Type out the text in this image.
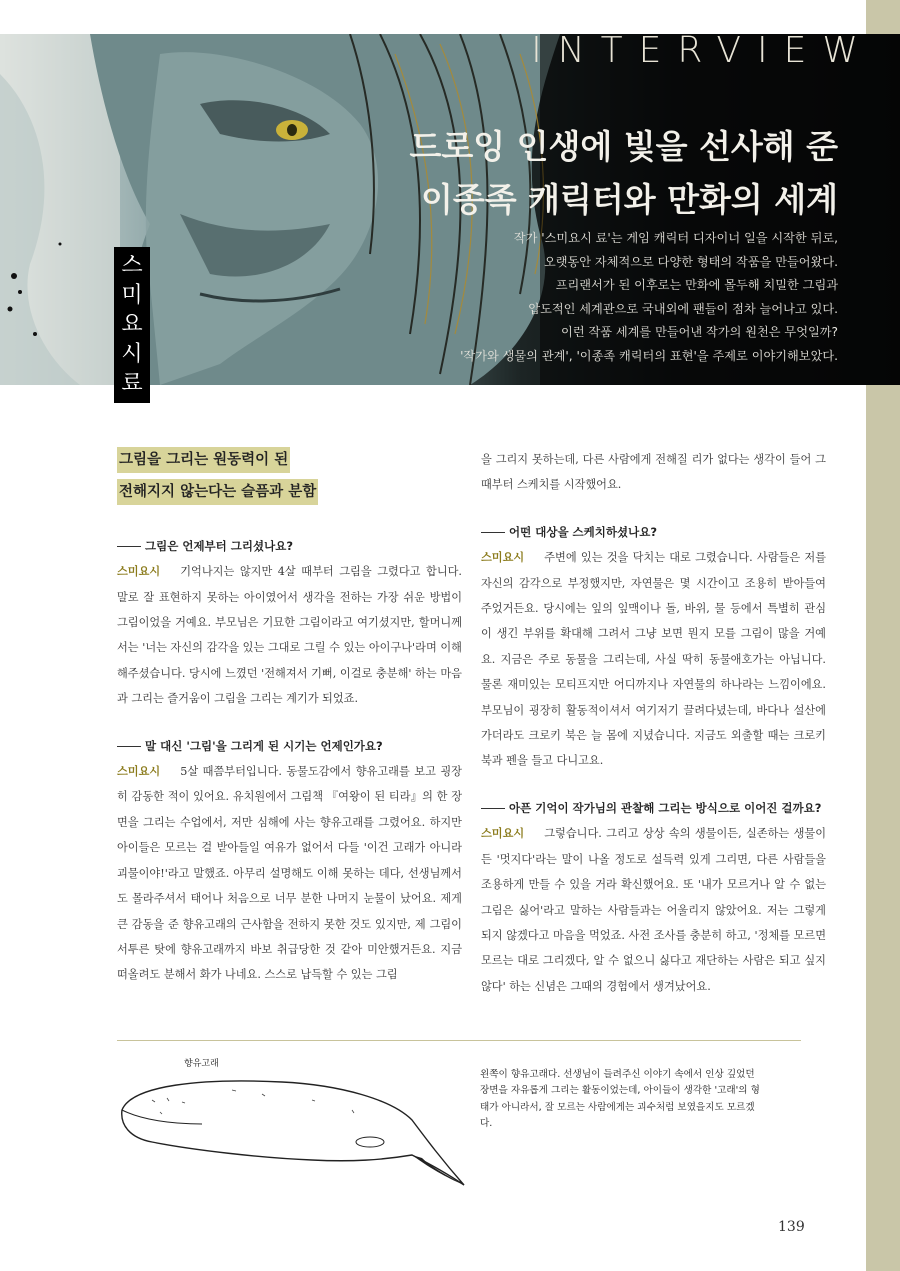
INTERVIEW
드로잉 인생에 빛을 선사해 준
이종족 캐릭터와 만화의 세계
작가 '스미요시 료'는 게임 캐릭터 디자이너 일을 시작한 뒤로,
오랫동안 자체적으로 다양한 형태의 작품을 만들어왔다.
프리랜서가 된 이후로는 만화에 몰두해 치밀한 그림과
압도적인 세계관으로 국내외에 팬들이 점차 늘어나고 있다.
이런 작품 세계를 만들어낸 작가의 원천은 무엇일까?
'작가와 생물의 관계', '이종족 캐릭터의 표현'을 주제로 이야기해보았다.
스
미
요
시
료
그림을 그리는 원동력이 된
전해지지 않는다는 슬픔과 분함

그림은 언제부터 그리셨나요?

스미요시 기억나지는 않지만 4살 때부터 그림을 그렸다고 합니다. 말로 잘 표현하지 못하는 아이였어서 생각을 전하는 가장 쉬운 방법이 그림이었을 거예요. 부모님은 기묘한 그림이라고 여기셨지만, 할머니께서는 '너는 자신의 감각을 있는 그대로 그릴 수 있는 아이구나'라며 이해해주셨습니다. 당시에 느꼈던 '전해져서 기뻐, 이걸로 충분해' 하는 마음과 그리는 즐거움이 그림을 그리는 계기가 되었죠.

말 대신 '그림'을 그리게 된 시기는 언제인가요?

스미요시 5살 때쯤부터입니다. 동물도감에서 향유고래를 보고 굉장히 감동한 적이 있어요. 유치원에서 그림책 『여왕이 된 티라』의 한 장면을 그리는 수업에서, 저만 심해에 사는 향유고래를 그렸어요. 하지만 아이들은 모르는 걸 받아들일 여유가 없어서 다들 '이건 고래가 아니라 괴물이야!'라고 말했죠. 아무리 설명해도 이해 못하는 데다, 선생님께서도 몰라주셔서 태어나 처음으로 너무 분한 나머지 눈물이 났어요. 제게 큰 감동을 준 향유고래의 근사함을 전하지 못한 것도 있지만, 제 그림이 서투른 탓에 향유고래까지 바보 취급당한 것 같아 미안했거든요. 지금 떠올려도 분해서 화가 나네요. 스스로 납득할 수 있는 그림

을 그리지 못하는데, 다른 사람에게 전해질 리가 없다는 생각이 들어 그때부터 스케치를 시작했어요.

어떤 대상을 스케치하셨나요?

스미요시 주변에 있는 것을 닥치는 대로 그렸습니다. 사람들은 저를 자신의 감각으로 부정했지만, 자연물은 몇 시간이고 조용히 받아들여 주었거든요. 당시에는 잎의 잎맥이나 돌, 바위, 물 등에서 특별히 관심이 생긴 부위를 확대해 그려서 그냥 보면 뭔지 모를 그림이 많을 거예요. 지금은 주로 동물을 그리는데, 사실 딱히 동물애호가는 아닙니다. 물론 재미있는 모티프지만 어디까지나 자연물의 하나라는 느낌이에요. 부모님이 굉장히 활동적이셔서 여기저기 끌려다녔는데, 바다나 설산에 가더라도 크로키 북은 늘 몸에 지녔습니다. 지금도 외출할 때는 크로키북과 펜을 들고 다니고요.

아픈 기억이 작가님의 관찰해 그리는 방식으로 이어진 걸까요?

스미요시 그렇습니다. 그리고 상상 속의 생물이든, 실존하는 생물이든 '멋지다'라는 말이 나올 정도로 설득력 있게 그리면, 다른 사람들을 조용하게 만들 수 있을 거라 확신했어요. 또 '내가 모르거나 알 수 없는 그림은 싫어'라고 말하는 사람들과는 어울리지 않았어요. 저는 그렇게 되지 않겠다고 마음을 먹었죠. 사전 조사를 충분히 하고, '정체를 모르면 모르는 대로 그리겠다, 알 수 없으니 싫다고 재단하는 사람은 되고 싶지 않다' 하는 신념은 그때의 경험에서 생겨났어요.

향유고래
왼쪽이 향유고래다. 선생님이 들려주신 이야기 속에서 인상 깊었던 장면을 자유롭게 그리는 활동이었는데, 아이들이 생각한 '고래'의 형태가 아니라서, 잘 모르는 사람에게는 괴수처럼 보였을지도 모르겠다.
139
